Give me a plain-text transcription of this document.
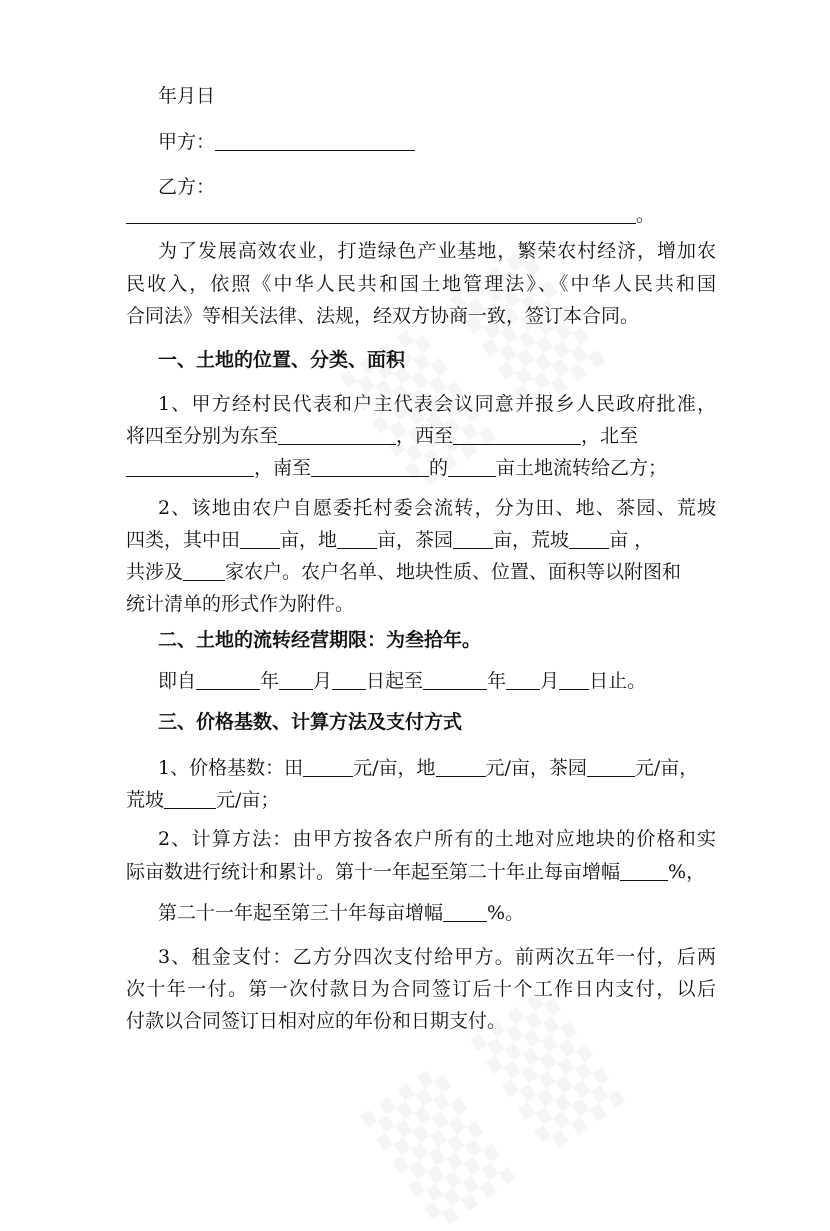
年月日
甲方：
乙方：
。
为了发展高效农业，打造绿色产业基地，繁荣农村经济，增加农
民收入，依照《中华人民共和国土地管理法》、《中华人民共和国
合同法》等相关法律、法规，经双方协商一致，签订本合同。
一、土地的位置、分类、面积
1、甲方经村民代表和户主代表会议同意并报乡人民政府批准，
将四至分别为东至	，西至	，北至
，南至	的	亩土地流转给乙方；
2、该地由农户自愿委托村委会流转，分为田、地、茶园、荒坡
四类，其中田 亩，地 亩，茶园 亩，荒坡 亩 ，
共涉及 家农户。农户名单、地块性质、位置、面积等以附图和
统计清单的形式作为附件。
二、土地的流转经营期限：为叁拾年。
即自	年 月 日起至	年 月 日止。
三、价格基数、计算方法及支付方式
1、价格基数：田	元/亩，地	元/亩，茶园	元/亩，
荒坡	元/亩；
2、计算方法：由甲方按各农户所有的土地对应地块的价格和实
际亩数进行统计和累计。第十一年起至第二十年止每亩增幅	%，
第二十一年起至第三十年每亩增幅 %。
3、租金支付：乙方分四次支付给甲方。前两次五年一付，后两
次十年一付。第一次付款日为合同签订后十个工作日内支付，以后
付款以合同签订日相对应的年份和日期支付。
